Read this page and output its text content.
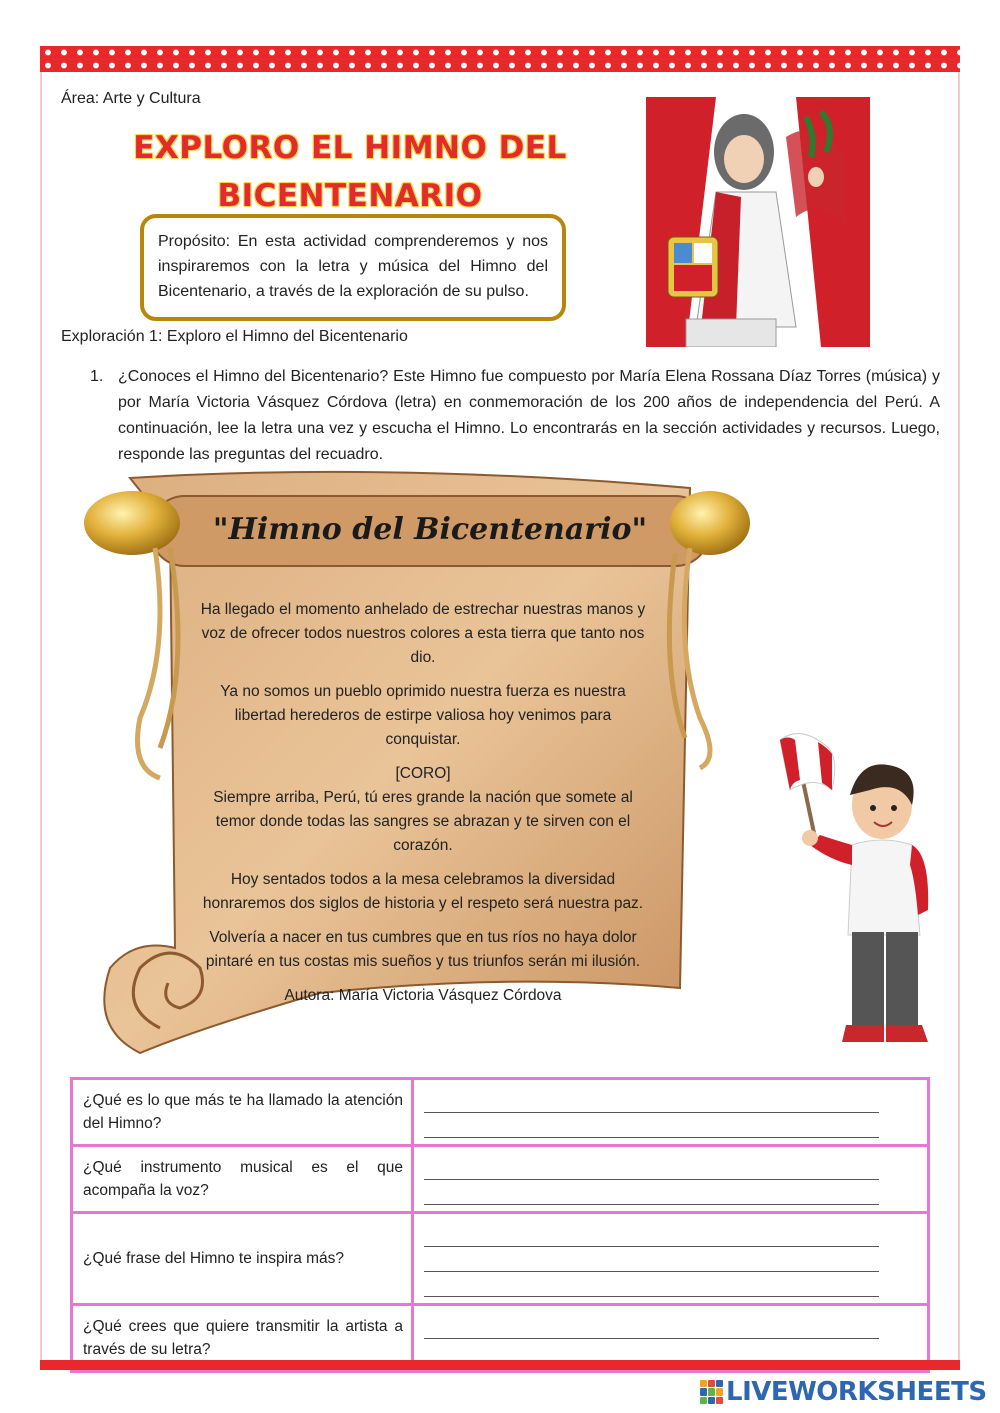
Área: Arte y Cultura
EXPLORO EL HIMNO DEL
BICENTENARIO
Propósito: En esta actividad comprenderemos y nos inspiraremos con la letra y música del Himno del Bicentenario, a través de la exploración de su pulso.
Exploración 1: Exploro el Himno del Bicentenario
1. ¿Conoces el Himno del Bicentenario? Este Himno fue compuesto por María Elena Rossana Díaz Torres (música) y por María Victoria Vásquez Córdova (letra) en conmemoración de los 200 años de independencia del Perú. A continuación, lee la letra una vez y escucha el Himno. Lo encontrarás en la sección actividades y recursos. Luego, responde las preguntas del recuadro.
"Himno del Bicentenario"

Ha llegado el momento anhelado de estrechar nuestras manos y voz de ofrecer todos nuestros colores a esta tierra que tanto nos dio.

Ya no somos un pueblo oprimido nuestra fuerza es nuestra libertad herederos de estirpe valiosa hoy venimos para conquistar.

[CORO]
Siempre arriba, Perú, tú eres grande la nación que somete al temor donde todas las sangres se abrazan y te sirven con el corazón.

Hoy sentados todos a la mesa celebramos la diversidad honraremos dos siglos de historia y el respeto será nuestra paz.

Volvería a nacer en tus cumbres que en tus ríos no haya dolor pintaré en tus costas mis sueños y tus triunfos serán mi ilusión.

Autora: María Victoria Vásquez Córdova

¿Qué es lo que más te ha llamado la atención del Himno?	

¿Qué instrumento musical es el que acompaña la voz?	

¿Qué frase del Himno te inspira más?	

¿Qué crees que quiere transmitir la artista a través de su letra?	
LIVEWORKSHEETS
